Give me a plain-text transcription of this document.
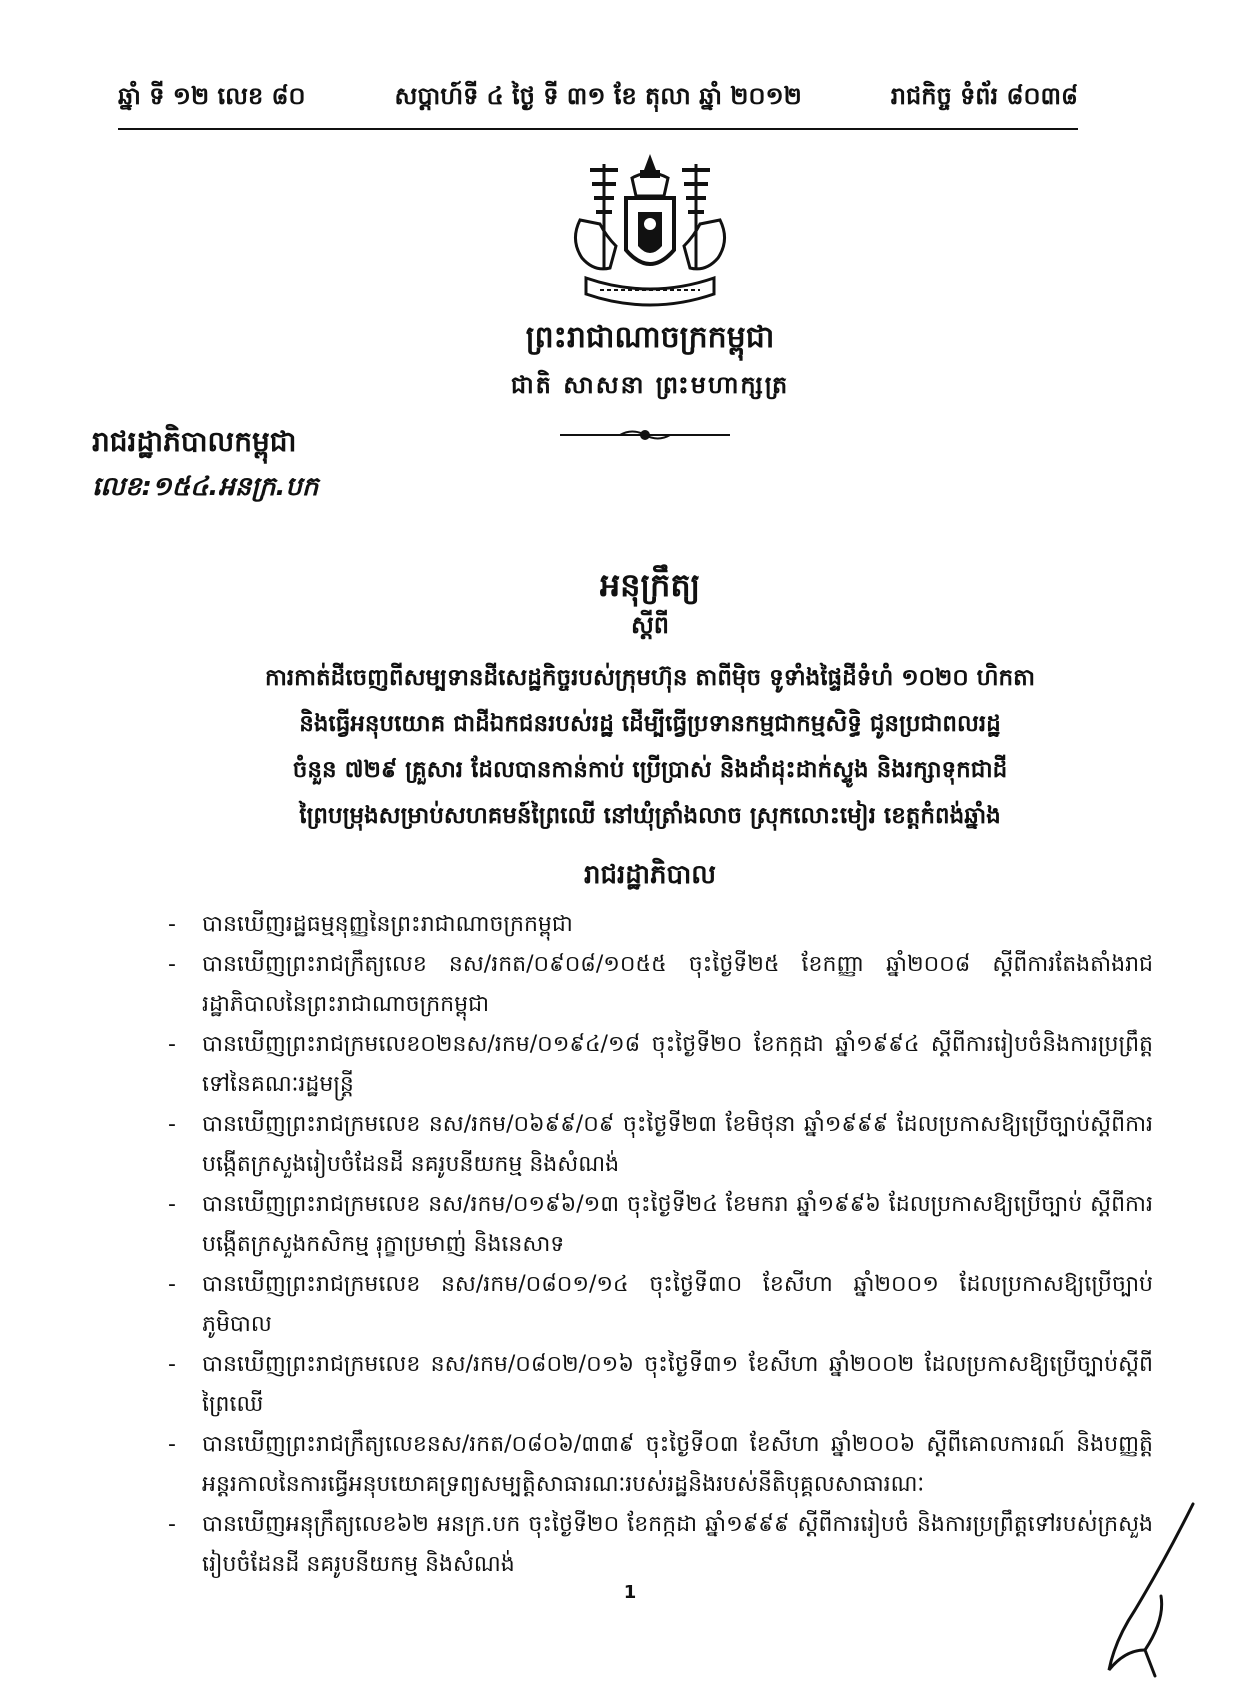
ឆ្នាំ ទី ១២ លេខ ៨០	សប្តាហ៍ទី ៤ ថ្ងៃ ទី ៣១ ខែ តុលា ឆ្នាំ ២០១២	រាជកិច្ច ទំព័រ ៨០៣៨
ព្រះរាជាណាចក្រកម្ពុជា
ជាតិ សាសនា ព្រះមហាក្សត្រ
រាជរដ្ឋាភិបាលកម្ពុជា
លេខ:១៥៤.អនក្រ.បក
អនុក្រឹត្យ
ស្តីពី
ការកាត់ដីចេញពីសម្បទានដីសេដ្ឋកិច្ចរបស់ក្រុមហ៊ុន តាពីម៉ិច ទូទាំងផ្ទៃដីទំហំ ១០២០ ហិកតា
និងធ្វើអនុបយោគ ជាដីឯកជនរបស់រដ្ឋ ដើម្បីធ្វើប្រទានកម្មជាកម្មសិទ្ធិ ជូនប្រជាពលរដ្ឋ
ចំនួន ៧២៩ គ្រួសារ ដែលបានកាន់កាប់ ប្រើប្រាស់ និងដាំដុះដាក់ស្ទូង និងរក្សាទុកជាដី
ព្រៃបម្រុងសម្រាប់សហគមន៍ព្រៃឈើ នៅឃុំត្រាំងលាច ស្រុកលោះមៀរ ខេត្តកំពង់ឆ្នាំង
រាជរដ្ឋាភិបាល
- បានឃើញរដ្ឋធម្មនុញ្ញនៃព្រះរាជាណាចក្រកម្ពុជា
- បានឃើញព្រះរាជក្រឹត្យលេខ នស/រកត/០៩០៨/១០៥៥ ចុះថ្ងៃទី២៥ ខែកញ្ញា ឆ្នាំ២០០៨ ស្តីពីការតែងតាំងរាជរដ្ឋាភិបាលនៃព្រះរាជាណាចក្រកម្ពុជា
- បានឃើញព្រះរាជក្រមលេខ០២នស/រកម/០១៩៤/១៨ ចុះថ្ងៃទី២០ ខែកក្កដា ឆ្នាំ១៩៩៤ ស្តីពីការរៀបចំនិងការប្រព្រឹត្តទៅនៃគណៈរដ្ឋមន្ត្រី
- បានឃើញព្រះរាជក្រមលេខ នស/រកម/០៦៩៩/០៩ ចុះថ្ងៃទី២៣ ខែមិថុនា ឆ្នាំ១៩៩៩ ដែលប្រកាសឱ្យប្រើច្បាប់ស្តីពីការបង្កើតក្រសួងរៀបចំដែនដី នគរូបនីយកម្ម និងសំណង់
- បានឃើញព្រះរាជក្រមលេខ នស/រកម/០១៩៦/១៣ ចុះថ្ងៃទី២៤ ខែមករា ឆ្នាំ១៩៩៦ ដែលប្រកាសឱ្យប្រើច្បាប់ ស្តីពីការបង្កើតក្រសួងកសិកម្ម រុក្ខាប្រមាញ់ និងនេសាទ
- បានឃើញព្រះរាជក្រមលេខ នស/រកម/០៨០១/១៤ ចុះថ្ងៃទី៣០ ខែសីហា ឆ្នាំ២០០១ ដែលប្រកាសឱ្យប្រើច្បាប់ភូមិបាល
- បានឃើញព្រះរាជក្រមលេខ នស/រកម/០៨០២/០១៦ ចុះថ្ងៃទី៣១ ខែសីហា ឆ្នាំ២០០២ ដែលប្រកាសឱ្យប្រើច្បាប់ស្តីពីព្រៃឈើ
- បានឃើញព្រះរាជក្រឹត្យលេខនស/រកត/០៨០៦/៣៣៩ ចុះថ្ងៃទី០៣ ខែសីហា ឆ្នាំ២០០៦ ស្តីពីគោលការណ៍ និងបញ្ញត្តិអន្តរកាលនៃការធ្វើអនុបយោគទ្រព្យសម្បត្តិសាធារណៈរបស់រដ្ឋនិងរបស់នីតិបុគ្គលសាធារណៈ
- បានឃើញអនុក្រឹត្យលេខ៦២ អនក្រ.បក ចុះថ្ងៃទី២០ ខែកក្កដា ឆ្នាំ១៩៩៩ ស្តីពីការរៀបចំ និងការប្រព្រឹត្តទៅរបស់ក្រសួងរៀបចំដែនដី នគរូបនីយកម្ម និងសំណង់
1
